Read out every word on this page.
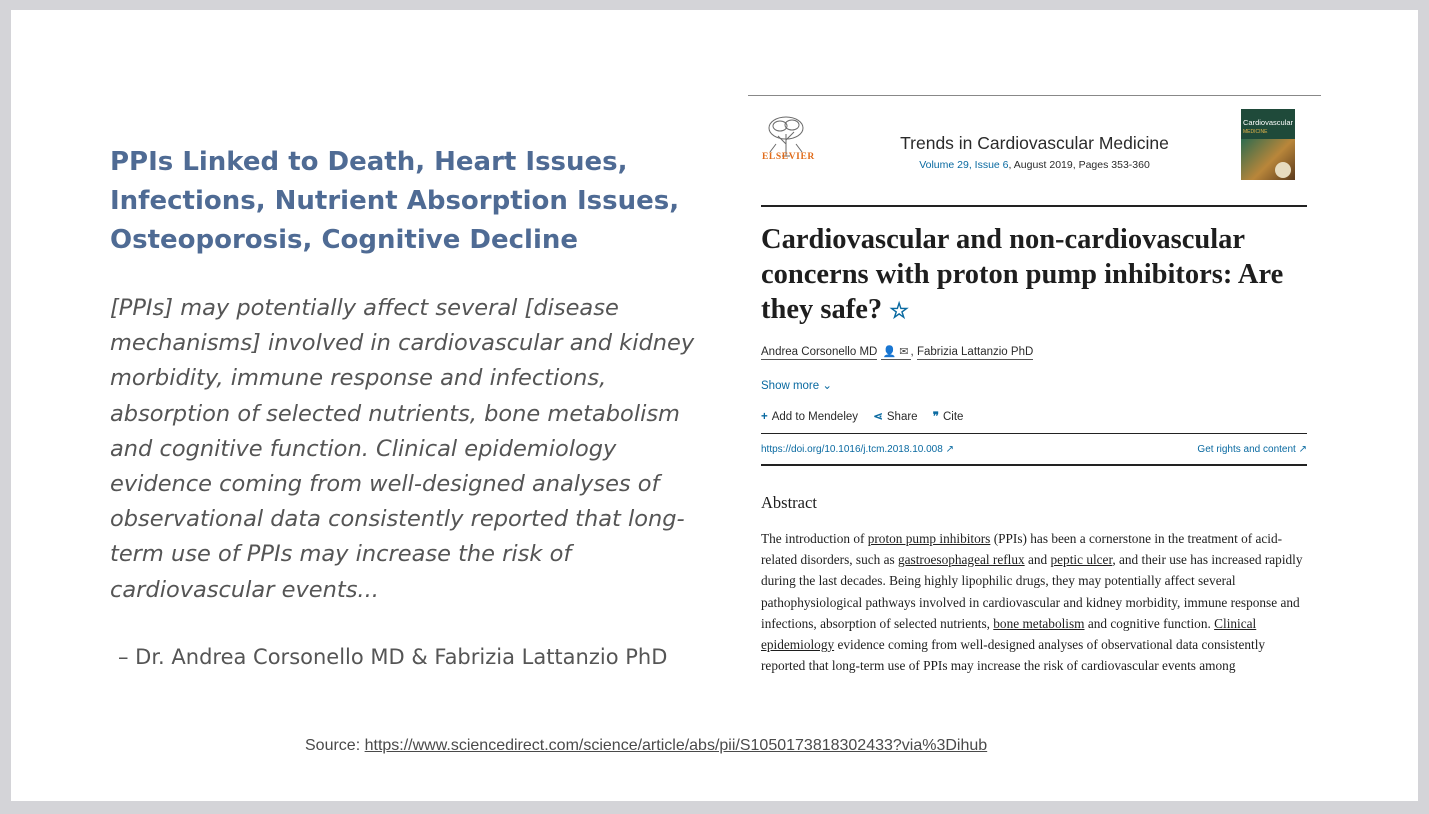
PPIs Linked to Death, Heart Issues, Infections, Nutrient Absorption Issues, Osteoporosis, Cognitive Decline

[PPIs] may potentially affect several [disease mechanisms] involved in cardiovascular and kidney morbidity, immune response and infections, absorption of selected nutrients, bone metabolism and cognitive function. Clinical epidemiology evidence coming from well-designed analyses of observational data consistently reported that long-term use of PPIs may increase the risk of cardiovascular events...

– Dr. Andrea Corsonello MD & Fabrizia Lattanzio PhD

ELSEVIER
Trends in Cardiovascular Medicine
Volume 29, Issue 6, August 2019, Pages 353-360
Cardiovascular
MEDICINE
Cardiovascular and non-cardiovascular concerns with proton pump inhibitors: Are they safe? ☆
Andrea Corsonello MD 👤 ✉ , Fabrizia Lattanzio PhD
Show more ⌄
+ Add to Mendeley ⋖ Share ❞ Cite
https://doi.org/10.1016/j.tcm.2018.10.008 ↗	Get rights and content ↗
Abstract

The introduction of proton pump inhibitors (PPIs) has been a cornerstone in the treatment of acid-related disorders, such as gastroesophageal reflux and peptic ulcer, and their use has increased rapidly during the last decades. Being highly lipophilic drugs, they may potentially affect several pathophysiological pathways involved in cardiovascular and kidney morbidity, immune response and infections, absorption of selected nutrients, bone metabolism and cognitive function. Clinical epidemiology evidence coming from well-designed analyses of observational data consistently reported that long-term use of PPIs may increase the risk of cardiovascular events among

Source: https://www.sciencedirect.com/science/article/abs/pii/S1050173818302433?via%3Dihub
